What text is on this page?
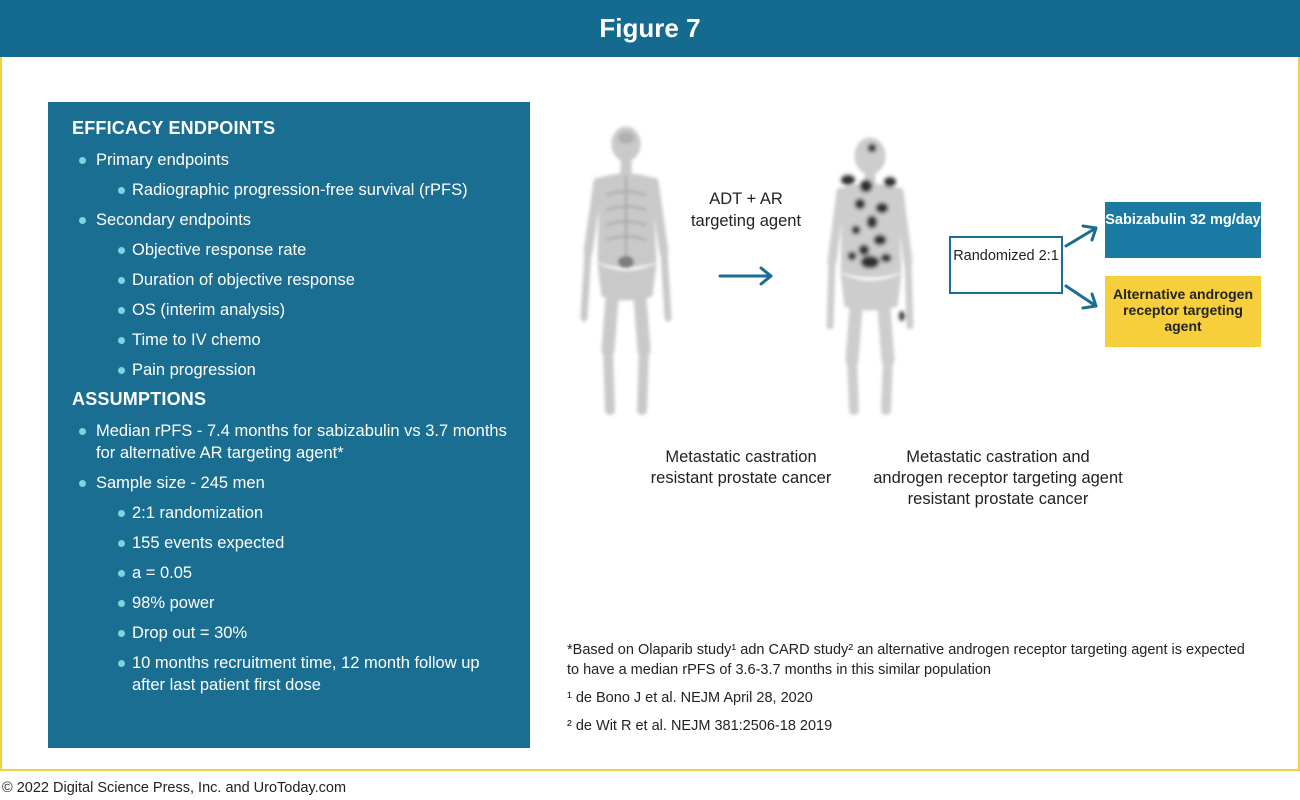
Figure 7
EFFICACY ENDPOINTS
Primary endpoints
Radiographic progression-free survival (rPFS)
Secondary endpoints
Objective response rate
Duration of objective response
OS (interim analysis)
Time to IV chemo
Pain progression
ASSUMPTIONS
Median rPFS - 7.4 months for sabizabulin vs 3.7 months for alternative AR targeting agent*
Sample size - 245 men
2:1 randomization
155 events expected
a = 0.05
98% power
Drop out = 30%
10 months recruitment time, 12 month follow up after last patient first dose
ADT + AR targeting agent
Metastatic castration resistant prostate cancer
Metastatic castration and androgen receptor targeting agent resistant prostate cancer
Randomized 2:1
Sabizabulin 32 mg/day
Alternative androgen receptor targeting agent

*Based on Olaparib study¹ adn CARD study² an alternative androgen receptor targeting agent is expected to have a median rPFS of 3.6-3.7 months in this similar population

¹ de Bono J et al. NEJM April 28, 2020

² de Wit R et al. NEJM 381:2506-18 2019

© 2022 Digital Science Press, Inc. and UroToday.com
